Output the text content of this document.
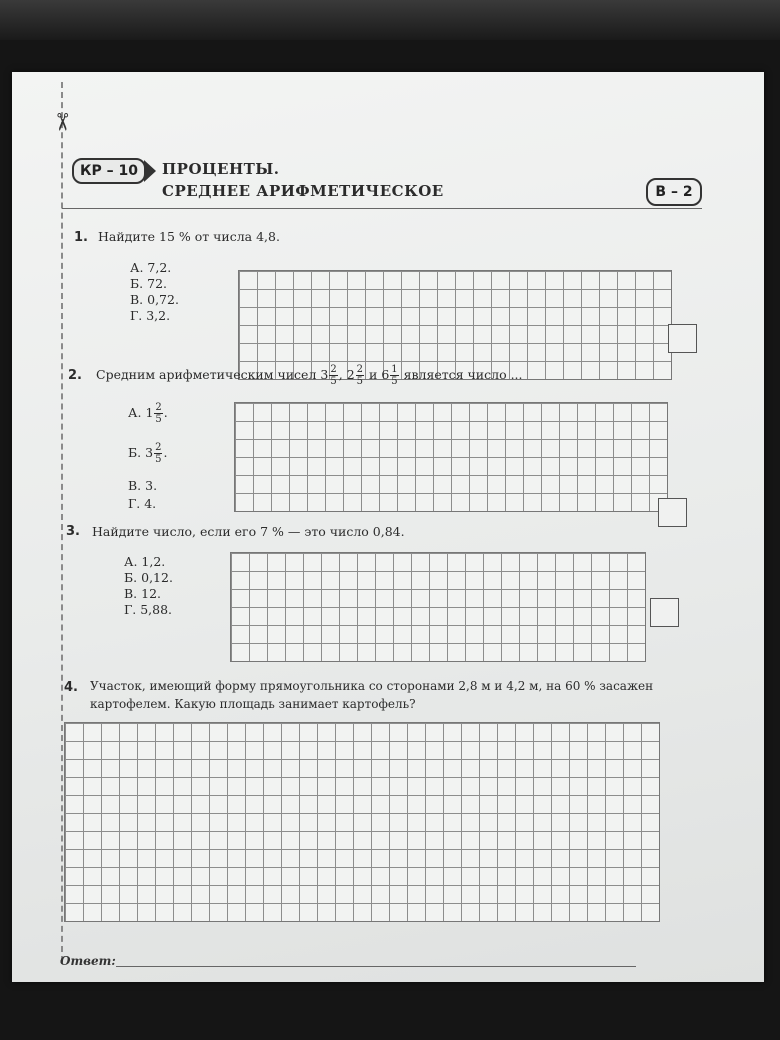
✂
КР – 10	ПРОЦЕНТЫ.
СРЕДНЕЕ АРИФМЕТИЧЕСКОЕ	В – 2
1. Найдите 15 % от числа 4,8.
А. 7,2.
Б. 72.
В. 0,72.
Г. 3,2.
2. Средним арифметическим чисел $3 \frac{2}{5}$ , $2 \frac{2}{5}$ и $6 \frac{1}{5}$ является число ...
А. $1 \frac{2}{5}$ .
Б. $3 \frac{2}{5}$ .
В. 3.
Г. 4.
3. Найдите число, если его 7 % — это число 0,84.
А. 1,2.
Б. 0,12.
В. 12.
Г. 5,88.
4. Участок, имеющий форму прямоугольника со сторонами 2,8 м и 4,2 м, на 60 % засажен
картофелем. Какую площадь занимает картофель?
Ответ:
